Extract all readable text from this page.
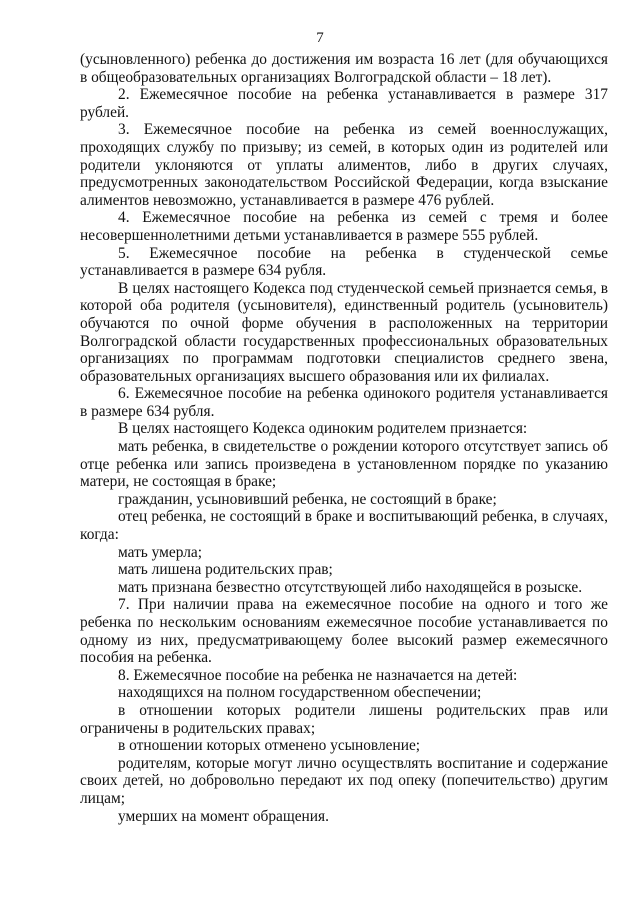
7

(усыновленного) ребенка до достижения им возраста 16 лет (для обучающихся в общеобразовательных организациях Волгоградской области – 18 лет).

2. Ежемесячное пособие на ребенка устанавливается в размере 317 рублей.

3. Ежемесячное пособие на ребенка из семей военнослужащих, проходящих службу по призыву; из семей, в которых один из родителей или родители уклоняются от уплаты алиментов, либо в других случаях, предусмотренных законодательством Российской Федерации, когда взыскание алиментов невозможно, устанавливается в размере 476 рублей.

4. Ежемесячное пособие на ребенка из семей с тремя и более несовершеннолетними детьми устанавливается в размере 555 рублей.

5. Ежемесячное пособие на ребенка в студенческой семье устанавливается в размере 634 рубля.

В целях настоящего Кодекса под студенческой семьей признается семья, в которой оба родителя (усыновителя), единственный родитель (усыновитель) обучаются по очной форме обучения в расположенных на территории Волгоградской области государственных профессиональных образовательных организациях по программам подготовки специалистов среднего звена, образовательных организациях высшего образования или их филиалах.

6. Ежемесячное пособие на ребенка одинокого родителя устанавливается в размере 634 рубля.

В целях настоящего Кодекса одиноким родителем признается:

мать ребенка, в свидетельстве о рождении которого отсутствует запись об отце ребенка или запись произведена в установленном порядке по указанию матери, не состоящая в браке;

гражданин, усыновивший ребенка, не состоящий в браке;

отец ребенка, не состоящий в браке и воспитывающий ребенка, в случаях, когда:

мать умерла;

мать лишена родительских прав;

мать признана безвестно отсутствующей либо находящейся в розыске.

7. При наличии права на ежемесячное пособие на одного и того же ребенка по нескольким основаниям ежемесячное пособие устанавливается по одному из них, предусматривающему более высокий размер ежемесячного пособия на ребенка.

8. Ежемесячное пособие на ребенка не назначается на детей:

находящихся на полном государственном обеспечении;

в отношении которых родители лишены родительских прав или ограничены в родительских правах;

в отношении которых отменено усыновление;

родителям, которые могут лично осуществлять воспитание и содержание своих детей, но добровольно передают их под опеку (попечительство) другим лицам;

умерших на момент обращения.
